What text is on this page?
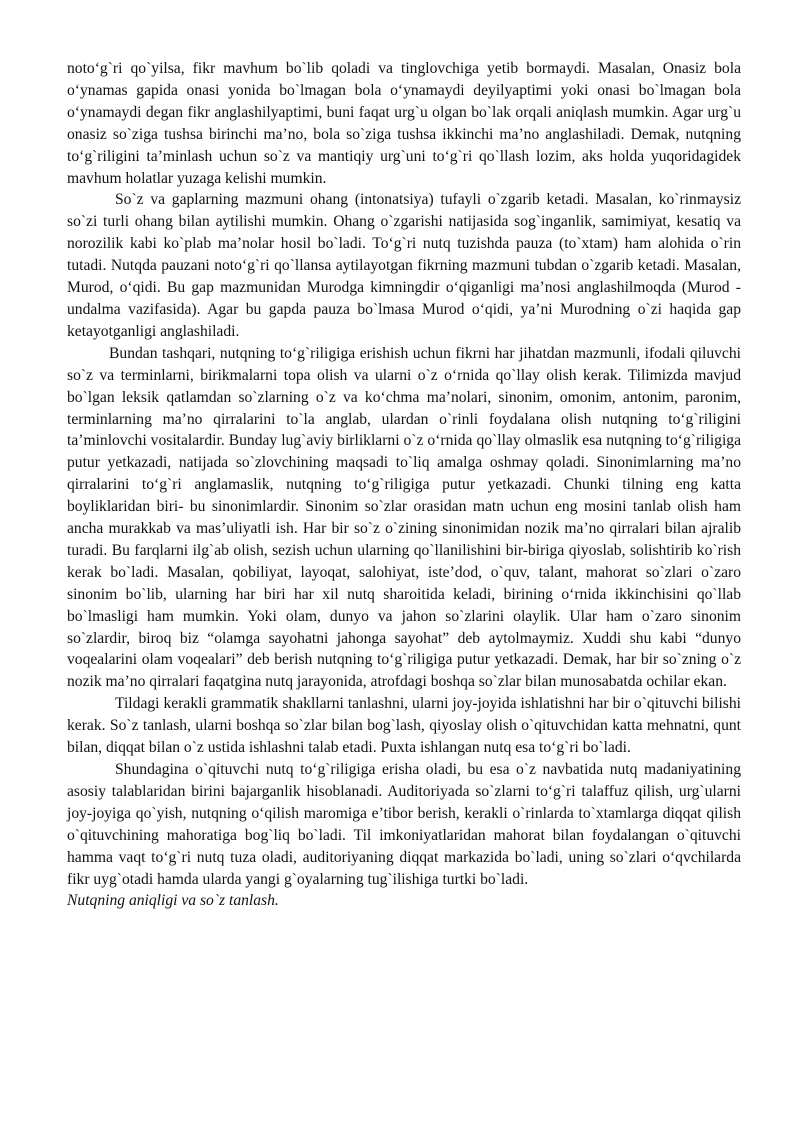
noto‘g`ri qo`yilsa, fikr mavhum bo`lib qoladi va tinglovchiga yetib bormaydi. Masalan, Onasiz bola o‘ynamas gapida onasi yonida bo`lmagan bola o‘ynamaydi deyilyaptimi yoki onasi bo`lmagan bola o‘ynamaydi degan fikr anglashilyaptimi, buni faqat urg`u olgan bo`lak orqali aniqlash mumkin. Agar urg`u onasiz so`ziga tushsa birinchi ma’no, bola so`ziga tushsa ikkinchi ma’no anglashiladi. Demak, nutqning to‘g`riligini ta’minlash uchun so`z va mantiqiy urg`uni to‘g`ri qo`llash lozim, aks holda yuqoridagidek mavhum holatlar yuzaga kelishi mumkin.

So`z va gaplarning mazmuni ohang (intonatsiya) tufayli o`zgarib ketadi. Masalan, ko`rinmaysiz so`zi turli ohang bilan aytilishi mumkin. Ohang o`zgarishi natijasida sog`inganlik, samimiyat, kesatiq va norozilik kabi ko`plab ma’nolar hosil bo`ladi. To‘g`ri nutq tuzishda pauza (to`xtam) ham alohida o`rin tutadi. Nutqda pauzani noto‘g`ri qo`llansa aytilayotgan fikrning mazmuni tubdan o`zgarib ketadi. Masalan, Murod, o‘qidi. Bu gap mazmunidan Murodga kimningdir o‘qiganligi ma’nosi anglashilmoqda (Murod - undalma vazifasida). Agar bu gapda pauza bo`lmasa Murod o‘qidi, ya’ni Murodning o`zi haqida gap ketayotganligi anglashiladi.

Bundan tashqari, nutqning to‘g`riligiga erishish uchun fikrni har jihatdan mazmunli, ifodali qiluvchi so`z va terminlarni, birikmalarni topa olish va ularni o`z o‘rnida qo`llay olish kerak. Tilimizda mavjud bo`lgan leksik qatlamdan so`zlarning o`z va ko‘chma ma’nolari, sinonim, omonim, antonim, paronim, terminlarning ma’no qirralarini to`la anglab, ulardan o`rinli foydalana olish nutqning to‘g`riligini ta’minlovchi vositalardir. Bunday lug`aviy birliklarni o`z o‘rnida qo`llay olmaslik esa nutqning to‘g`riligiga putur yetkazadi, natijada so`zlovchining maqsadi to`liq amalga oshmay qoladi. Sinonimlarning ma’no qirralarini to‘g`ri anglamaslik, nutqning to‘g`riligiga putur yetkazadi. Chunki tilning eng katta boyliklaridan biri- bu sinonimlardir. Sinonim so`zlar orasidan matn uchun eng mosini tanlab olish ham ancha murakkab va mas’uliyatli ish. Har bir so`z o`zining sinonimidan nozik ma’no qirralari bilan ajralib turadi. Bu farqlarni ilg`ab olish, sezish uchun ularning qo`llanilishini bir-biriga qiyoslab, solishtirib ko`rish kerak bo`ladi. Masalan, qobiliyat, layoqat, salohiyat, iste’dod, o`quv, talant, mahorat so`zlari o`zaro sinonim bo`lib, ularning har biri har xil nutq sharoitida keladi, birining o‘rnida ikkinchisini qo`llab bo`lmasligi ham mumkin. Yoki olam, dunyo va jahon so`zlarini olaylik. Ular ham o`zaro sinonim so`zlardir, biroq biz “olamga sayohatni jahonga sayohat” deb aytolmaymiz. Xuddi shu kabi “dunyo voqealarini olam voqealari” deb berish nutqning to‘g`riligiga putur yetkazadi. Demak, har bir so`zning o`z nozik ma’no qirralari faqatgina nutq jarayonida, atrofdagi boshqa so`zlar bilan munosabatda ochilar ekan.

Tildagi kerakli grammatik shakllarni tanlashni, ularni joy-joyida ishlatishni har bir o`qituvchi bilishi kerak. So`z tanlash, ularni boshqa so`zlar bilan bog`lash, qiyoslay olish o`qituvchidan katta mehnatni, qunt bilan, diqqat bilan o`z ustida ishlashni talab etadi. Puxta ishlangan nutq esa to‘g`ri bo`ladi.

Shundagina o`qituvchi nutq to‘g`riligiga erisha oladi, bu esa o`z navbatida nutq madaniyatining asosiy talablaridan birini bajarganlik hisoblanadi. Auditoriyada so`zlarni to‘g`ri talaffuz qilish, urg`ularni joy-joyiga qo`yish, nutqning o‘qilish maromiga e’tibor berish, kerakli o`rinlarda to`xtamlarga diqqat qilish o`qituvchining mahoratiga bog`liq bo`ladi. Til imkoniyatlaridan mahorat bilan foydalangan o`qituvchi hamma vaqt to‘g`ri nutq tuza oladi, auditoriyaning diqqat markazida bo`ladi, uning so`zlari o‘qvchilarda fikr uyg`otadi hamda ularda yangi g`oyalarning tug`ilishiga turtki bo`ladi.

Nutqning aniqligi va so`z tanlash.
